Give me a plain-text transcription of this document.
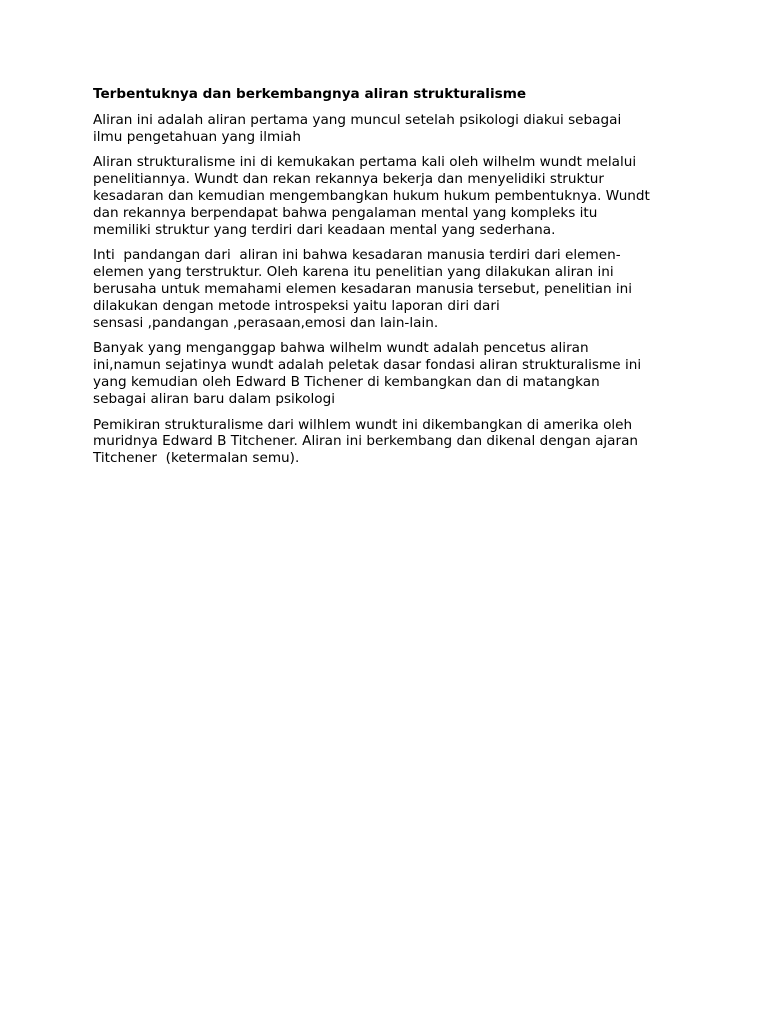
Terbentuknya dan berkembangnya aliran strukturalisme
Aliran ini adalah aliran pertama yang muncul setelah psikologi diakui sebagai
ilmu pengetahuan yang ilmiah
Aliran strukturalisme ini di kemukakan pertama kali oleh wilhelm wundt melalui
penelitiannya. Wundt dan rekan rekannya bekerja dan menyelidiki struktur
kesadaran dan kemudian mengembangkan hukum hukum pembentuknya. Wundt
dan rekannya berpendapat bahwa pengalaman mental yang kompleks itu
memiliki struktur yang terdiri dari keadaan mental yang sederhana.
Inti  pandangan dari  aliran ini bahwa kesadaran manusia terdiri dari elemen-
elemen yang terstruktur. Oleh karena itu penelitian yang dilakukan aliran ini
berusaha untuk memahami elemen kesadaran manusia tersebut, penelitian ini
dilakukan dengan metode introspeksi yaitu laporan diri dari
sensasi ,pandangan ,perasaan,emosi dan lain-lain.
Banyak yang menganggap bahwa wilhelm wundt adalah pencetus aliran
ini,namun sejatinya wundt adalah peletak dasar fondasi aliran strukturalisme ini
yang kemudian oleh Edward B Tichener di kembangkan dan di matangkan
sebagai aliran baru dalam psikologi
Pemikiran strukturalisme dari wilhlem wundt ini dikembangkan di amerika oleh
muridnya Edward B Titchener. Aliran ini berkembang dan dikenal dengan ajaran
Titchener  (ketermalan semu).
